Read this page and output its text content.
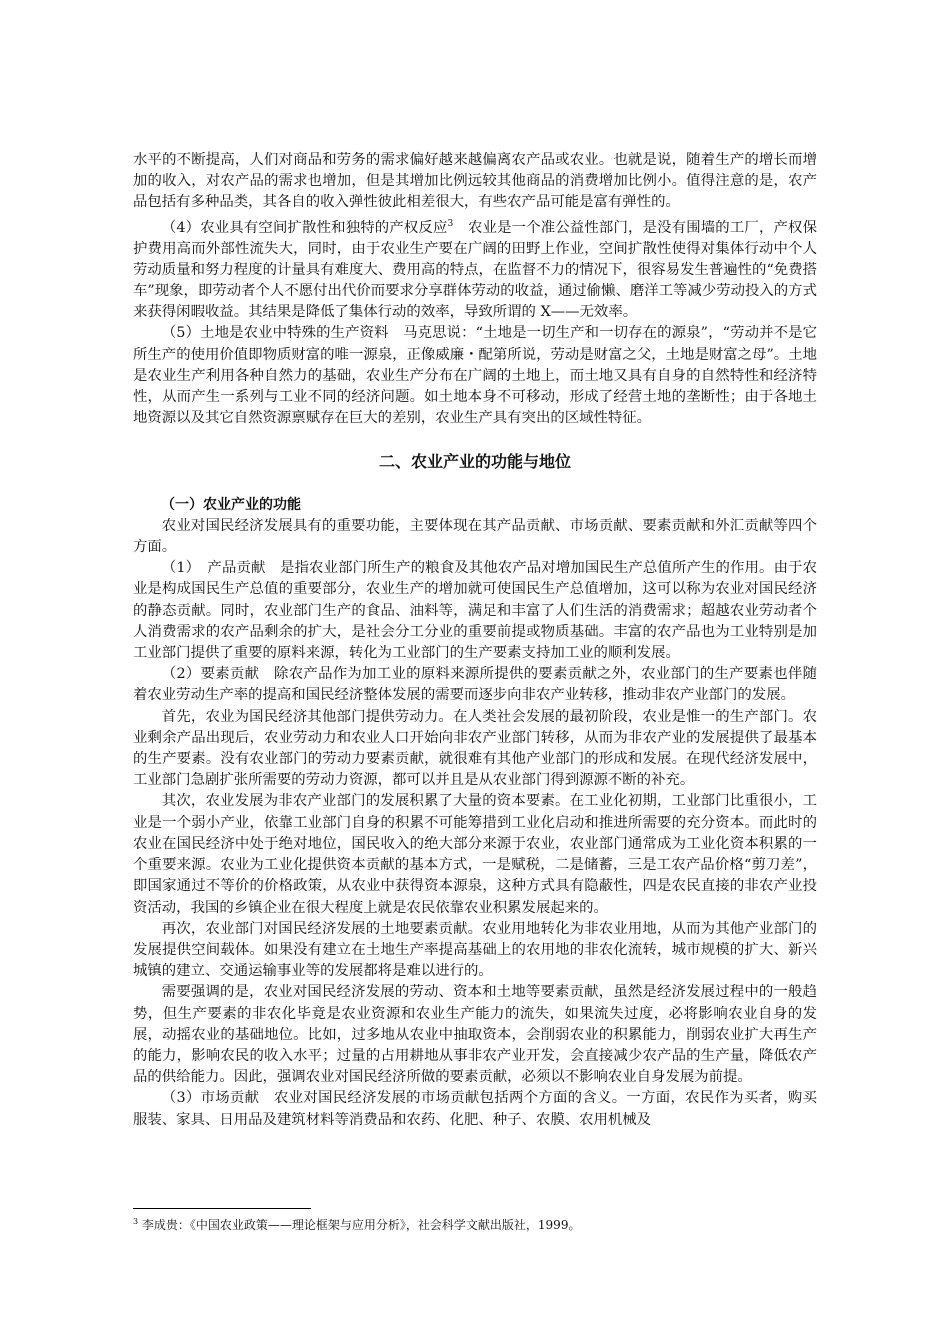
水平的不断提高，人们对商品和劳务的需求偏好越来越偏离农产品或农业。也就是说，随着生产的增长而增加的收入，对农产品的需求也增加，但是其增加比例远较其他商品的消费增加比例小。值得注意的是，农产品包括有多种品类，其各自的收入弹性彼此相差很大，有些农产品可能是富有弹性的。

（4）农业具有空间扩散性和独特的产权反应$^3$　农业是一个准公益性部门，是没有围墙的工厂，产权保护费用高而外部性流失大，同时，由于农业生产要在广阔的田野上作业，空间扩散性使得对集体行动中个人劳动质量和努力程度的计量具有难度大、费用高的特点，在监督不力的情况下，很容易发生普遍性的“免费搭车”现象，即劳动者个人不愿付出代价而要求分享群体劳动的收益，通过偷懒、磨洋工等减少劳动投入的方式来获得闲暇收益。其结果是降低了集体行动的效率，导致所谓的 X——无效率。

（5）土地是农业中特殊的生产资料　马克思说：“土地是一切生产和一切存在的源泉”，“劳动并不是它所生产的使用价值即物质财富的唯一源泉，正像威廉・配第所说，劳动是财富之父，土地是财富之母”。土地是农业生产利用各种自然力的基础，农业生产分布在广阔的土地上，而土地又具有自身的自然特性和经济特性，从而产生一系列与工业不同的经济问题。如土地本身不可移动，形成了经营土地的垄断性；由于各地土地资源以及其它自然资源禀赋存在巨大的差别，农业生产具有突出的区域性特征。

二、农业产业的功能与地位

（一）农业产业的功能

农业对国民经济发展具有的重要功能，主要体现在其产品贡献、市场贡献、要素贡献和外汇贡献等四个方面。

（1）　产品贡献　是指农业部门所生产的粮食及其他农产品对增加国民生产总值所产生的作用。由于农业是构成国民生产总值的重要部分，农业生产的增加就可使国民生产总值增加，这可以称为农业对国民经济的静态贡献。同时，农业部门生产的食品、油料等，满足和丰富了人们生活的消费需求；超越农业劳动者个人消费需求的农产品剩余的扩大，是社会分工分业的重要前提或物质基础。丰富的农产品也为工业特别是加工业部门提供了重要的原料来源，转化为工业部门的生产要素支持加工业的顺利发展。

（2）要素贡献　除农产品作为加工业的原料来源所提供的要素贡献之外，农业部门的生产要素也伴随着农业劳动生产率的提高和国民经济整体发展的需要而逐步向非农产业转移，推动非农产业部门的发展。

首先，农业为国民经济其他部门提供劳动力。在人类社会发展的最初阶段，农业是惟一的生产部门。农业剩余产品出现后，农业劳动力和农业人口开始向非农产业部门转移，从而为非农产业的发展提供了最基本的生产要素。没有农业部门的劳动力要素贡献，就很难有其他产业部门的形成和发展。在现代经济发展中，工业部门急剧扩张所需要的劳动力资源，都可以并且是从农业部门得到源源不断的补充。

其次，农业发展为非农产业部门的发展积累了大量的资本要素。在工业化初期，工业部门比重很小，工业是一个弱小产业，依靠工业部门自身的积累不可能筹措到工业化启动和推进所需要的充分资本。而此时的农业在国民经济中处于绝对地位，国民收入的绝大部分来源于农业，农业部门通常成为工业化资本积累的一个重要来源。农业为工业化提供资本贡献的基本方式，一是赋税，二是储蓄，三是工农产品价格“剪刀差”，即国家通过不等价的价格政策，从农业中获得资本源泉，这种方式具有隐蔽性，四是农民直接的非农产业投资活动，我国的乡镇企业在很大程度上就是农民依靠农业积累发展起来的。

再次，农业部门对国民经济发展的土地要素贡献。农业用地转化为非农业用地，从而为其他产业部门的发展提供空间载体。如果没有建立在土地生产率提高基础上的农用地的非农化流转，城市规模的扩大、新兴城镇的建立、交通运输事业等的发展都将是难以进行的。

需要强调的是，农业对国民经济发展的劳动、资本和土地等要素贡献，虽然是经济发展过程中的一般趋势，但生产要素的非农化毕竟是农业资源和农业生产能力的流失，如果流失过度，必将影响农业自身的发展，动摇农业的基础地位。比如，过多地从农业中抽取资本，会削弱农业的积累能力，削弱农业扩大再生产的能力，影响农民的收入水平；过量的占用耕地从事非农产业开发，会直接减少农产品的生产量，降低农产品的供给能力。因此，强调农业对国民经济所做的要素贡献，必须以不影响农业自身发展为前提。

（3）市场贡献　农业对国民经济发展的市场贡献包括两个方面的含义。一方面，农民作为买者，购买服装、家具、日用品及建筑材料等消费品和农药、化肥、种子、农膜、农用机械及

$^3$ 李成贵：《中国农业政策——理论框架与应用分析》，社会科学文献出版社，1999。
